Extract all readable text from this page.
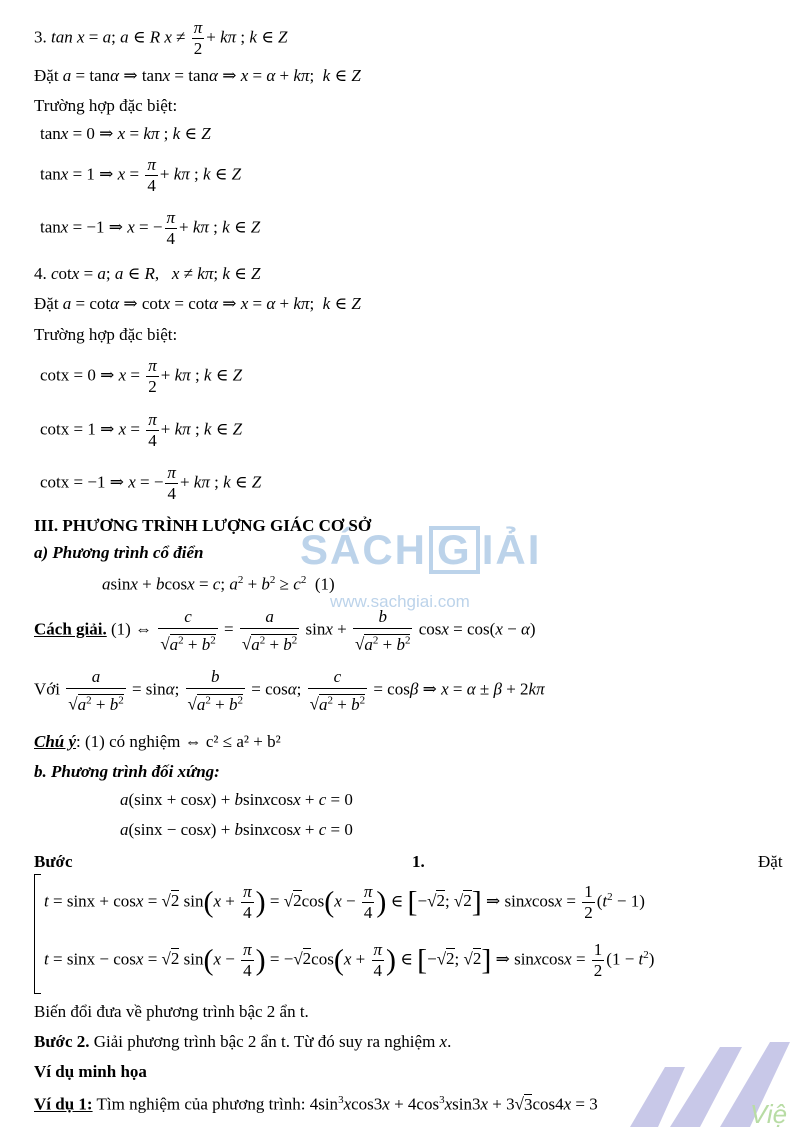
SÁCH G IẢI
www.sachgiai.com
Việ
3. tan x = a; a ∈ R $x \ne \frac{\pi}{2} + k\pi$ ; k ∈ Z
Đặt a = tanα ⇒ tanx = tanα ⇒ x = α + kπ;  k ∈ Z
Trường hợp đặc biệt:
tanx = 0 ⇒ x = kπ ; k ∈ Z
tanx = 1 ⇒ $x = \frac{\pi}{4} + k\pi$ ; k ∈ Z
tanx = −1 ⇒ x = − $\frac{\pi}{4} + k\pi$ ; k ∈ Z
4. cotx = a; a ∈ R,   x ≠ kπ; k ∈ Z
Đặt a = cotα ⇒ cotx = cotα ⇒ x = α + kπ;  k ∈ Z
Trường hợp đặc biệt:
cotx = 0 ⇒ $x = \frac{\pi}{2} + k\pi$ ; k ∈ Z
cotx = 1 ⇒ $x = \frac{\pi}{4} + k\pi$ ; k ∈ Z
cotx = −1 ⇒ x = − $\frac{\pi}{4} + k\pi$ ; k ∈ Z
III. PHƯƠNG TRÌNH LƯỢNG GIÁC CƠ SỞ
a) Phương trình cổ điển
asinx + bcosx = c; $a^2 + b^2 \ge c^2$  (1)
Cách giải. (1) ⇔ $\frac{c}{√a^2 + b^2} = \frac{a}{√a^2 + b^2}$ $\sin x + \frac{b}{√a^2 + b^2}$ cosx = cos(x − α)
Với $\frac{a}{√a^2 + b^2} = \sin\alpha$; $\frac{b}{√a^2 + b^2} = \cos\alpha$; $\frac{c}{√a^2 + b^2} = \cos\beta$ ⇒ x = α ± β + 2kπ
Chú ý: (1) có nghiệm ⇔ c² ≤ a² + b²
b. Phương trình đối xứng:
a(sinx + cosx) + bsinxcosx + c = 0
a(sinx − cosx) + bsinxcosx + c = 0
Bước	1.	Đặt
t = sinx + cosx = √2 $\sin(x + \frac{\pi}{4}$ ) = $√2\cos(x - \frac{\pi}{4}$ ) ∈ [−√2; √2] ⇒ sinxcosx = $\frac{1}{2} (t^2 - 1)$
t = sinx − cosx = √2 $\sin(x - \frac{\pi}{4}$ ) = $-√2\cos(x + \frac{\pi}{4}$ ) ∈ [−√2; √2] ⇒ sinxcosx = $\frac{1}{2} (1 - t^2)$
Biến đổi đưa về phương trình bậc 2 ẩn t.
Bước 2. Giải phương trình bậc 2 ẩn t. Từ đó suy ra nghiệm x.
Ví dụ minh họa
Ví dụ 1: Tìm nghiệm của phương trình: $4\sin^3xcos3x + 4\cos^3xsin3x + 3√3\cos 4x = 3$
